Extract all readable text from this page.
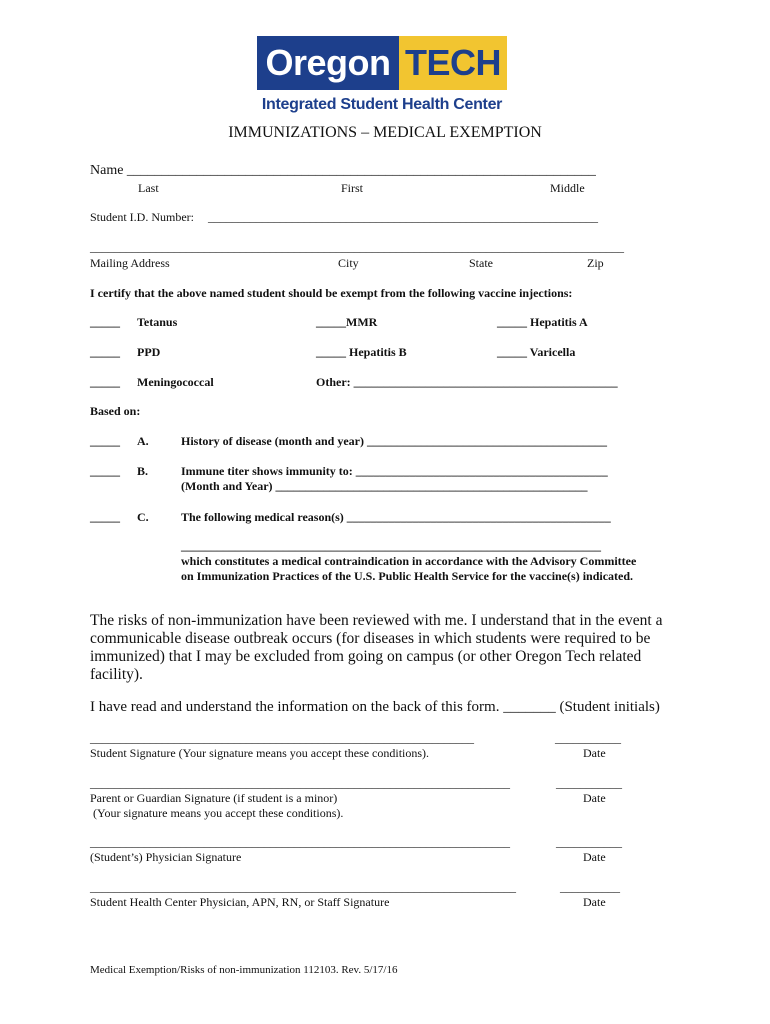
Oregon TECH
Integrated Student Health Center
IMMUNIZATIONS – MEDICAL EXEMPTION
Name ___________________________________________________________________
Last	First	Middle
Student I.D. Number: _________________________________________________________________
_________________________________________________________________________________________
Mailing Address	City	State	Zip
I certify that the above named student should be exempt from the following vaccine injections:
_____ Tetanus	_____MMR	_____ Hepatitis A
_____ PPD	_____ Hepatitis B	_____ Varicella
_____ Meningococcal	Other: ____________________________________________
Based on:
_____ A.	History of disease (month and year) ________________________________________
_____ B.	Immune titer shows immunity to: __________________________________________
(Month and Year) ____________________________________________________
_____ C.	The following medical reason(s) ____________________________________________
______________________________________________________________________
which constitutes a medical contraindication in accordance with the Advisory Committee on Immunization Practices of the U.S. Public Health Service for the vaccine(s) indicated.
The risks of non-immunization have been reviewed with me. I understand that in the event a communicable disease outbreak occurs (for diseases in which students were required to be immunized) that I may be excluded from going on campus (or other Oregon Tech related facility).
I have read and understand the information on the back of this form. _______ (Student initials)
________________________________________________________________	___________
Student Signature (Your signature means you accept these conditions).	Date
______________________________________________________________________	___________
Parent or Guardian Signature (if student is a minor)	Date
(Your signature means you accept these conditions).
______________________________________________________________________	___________
(Student’s) Physician Signature	Date
_______________________________________________________________________	__________
Student Health Center Physician, APN, RN, or Staff Signature	Date
Medical Exemption/Risks of non-immunization 112103. Rev. 5/17/16
